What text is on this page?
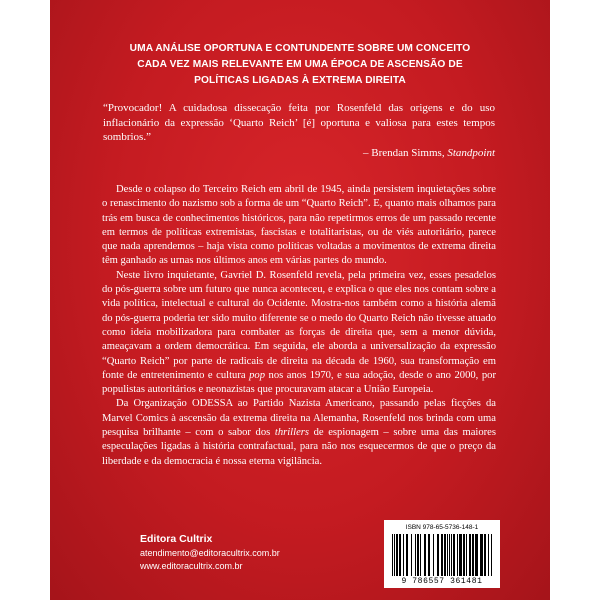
UMA ANÁLISE OPORTUNA E CONTUNDENTE SOBRE UM CONCEITO
CADA VEZ MAIS RELEVANTE EM UMA ÉPOCA DE ASCENSÃO DE
POLÍTICAS LIGADAS À EXTREMA DIREITA
“Provocador! A cuidadosa dissecação feita por Rosenfeld das origens e do uso inflacionário da expressão ‘Quarto Reich’ [é] oportuna e valiosa para estes tempos sombrios.”
– Brendan Simms, Standpoint

Desde o colapso do Terceiro Reich em abril de 1945, ainda persistem inquietações sobre o renascimento do nazismo sob a forma de um “Quarto Reich”. E, quanto mais olhamos para trás em busca de conhecimentos históricos, para não repetirmos erros de um passado recente em termos de políticas extremistas, fascistas e totalitaristas, ou de viés autoritário, parece que nada aprendemos – haja vista como políticas voltadas a movimentos de extrema direita têm ganhado as urnas nos últimos anos em várias partes do mundo.

Neste livro inquietante, Gavriel D. Rosenfeld revela, pela primeira vez, esses pesadelos do pós-guerra sobre um futuro que nunca aconteceu, e explica o que eles nos contam sobre a vida política, intelectual e cultural do Ocidente. Mostra-nos também como a história alemã do pós-guerra poderia ter sido muito diferente se o medo do Quarto Reich não tivesse atuado como ideia mobilizadora para combater as forças de direita que, sem a menor dúvida, ameaçavam a ordem democrática. Em seguida, ele aborda a universalização da expressão “Quarto Reich” por parte de radicais de direita na década de 1960, sua transformação em fonte de entretenimento e cultura pop nos anos 1970, e sua adoção, desde o ano 2000, por populistas autoritários e neonazistas que procuravam atacar a União Europeia.

Da Organização ODESSA ao Partido Nazista Americano, passando pelas ficções da Marvel Comics à ascensão da extrema direita na Alemanha, Rosenfeld nos brinda com uma pesquisa brilhante – com o sabor dos thrillers de espionagem – sobre uma das maiores especulações ligadas à história contrafactual, para não nos esquecermos de que o preço da liberdade e da democracia é nossa eterna vigilância.

Editora Cultrix
atendimento@editoracultrix.com.br
www.editoracultrix.com.br
ISBN 978-65-5736-148-1
9 786557 361481
